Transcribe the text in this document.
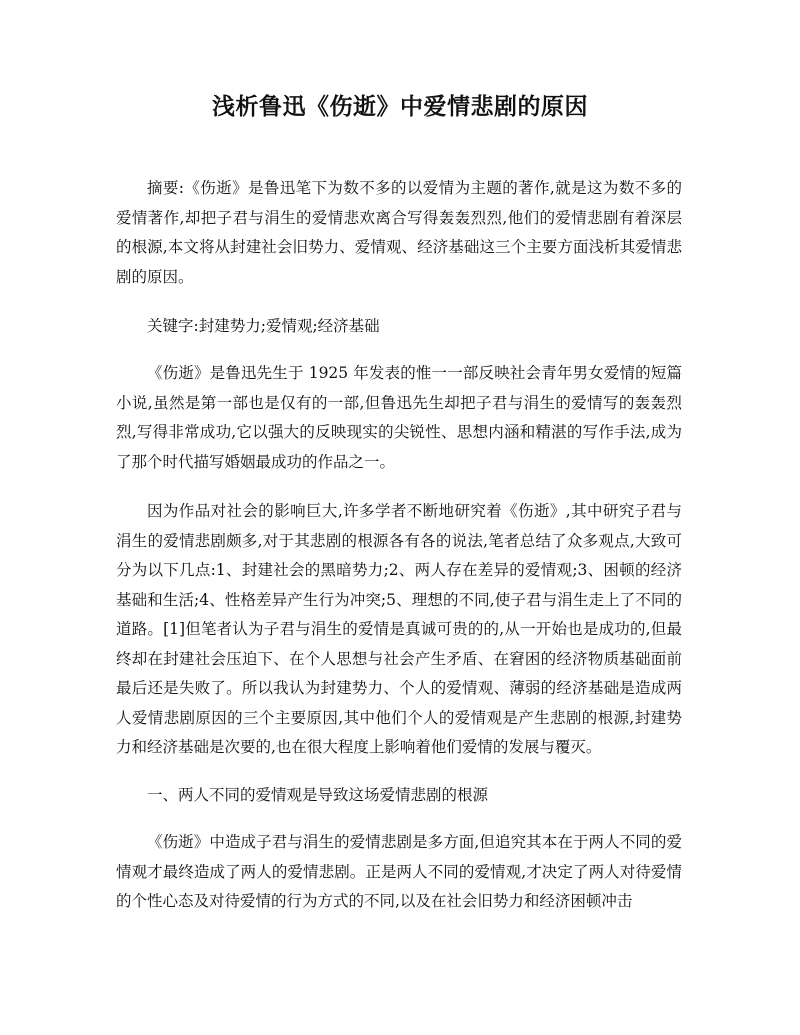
浅析鲁迅《伤逝》中爱情悲剧的原因

摘要:《伤逝》是鲁迅笔下为数不多的以爱情为主题的著作,就是这为数不多的爱情著作,却把子君与涓生的爱情悲欢离合写得轰轰烈烈,他们的爱情悲剧有着深层的根源,本文将从封建社会旧势力、爱情观、经济基础这三个主要方面浅析其爱情悲剧的原因。

关键字:封建势力;爱情观;经济基础

《伤逝》是鲁迅先生于 1925 年发表的惟一一部反映社会青年男女爱情的短篇小说,虽然是第一部也是仅有的一部,但鲁迅先生却把子君与涓生的爱情写的轰轰烈烈,写得非常成功,它以强大的反映现实的尖锐性、思想内涵和精湛的写作手法,成为了那个时代描写婚姻最成功的作品之一。

因为作品对社会的影响巨大,许多学者不断地研究着《伤逝》,其中研究子君与涓生的爱情悲剧颇多,对于其悲剧的根源各有各的说法,笔者总结了众多观点,大致可分为以下几点:1、封建社会的黑暗势力;2、两人存在差异的爱情观;3、困顿的经济基础和生活;4、性格差异产生行为冲突;5、理想的不同,使子君与涓生走上了不同的道路。[1]但笔者认为子君与涓生的爱情是真诚可贵的的,从一开始也是成功的,但最终却在封建社会压迫下、在个人思想与社会产生矛盾、在窘困的经济物质基础面前最后还是失败了。所以我认为封建势力、个人的爱情观、薄弱的经济基础是造成两人爱情悲剧原因的三个主要原因,其中他们个人的爱情观是产生悲剧的根源,封建势力和经济基础是次要的,也在很大程度上影响着他们爱情的发展与覆灭。

一、两人不同的爱情观是导致这场爱情悲剧的根源

《伤逝》中造成子君与涓生的爱情悲剧是多方面,但追究其本在于两人不同的爱情观才最终造成了两人的爱情悲剧。正是两人不同的爱情观,才决定了两人对待爱情的个性心态及对待爱情的行为方式的不同,以及在社会旧势力和经济困顿冲击
